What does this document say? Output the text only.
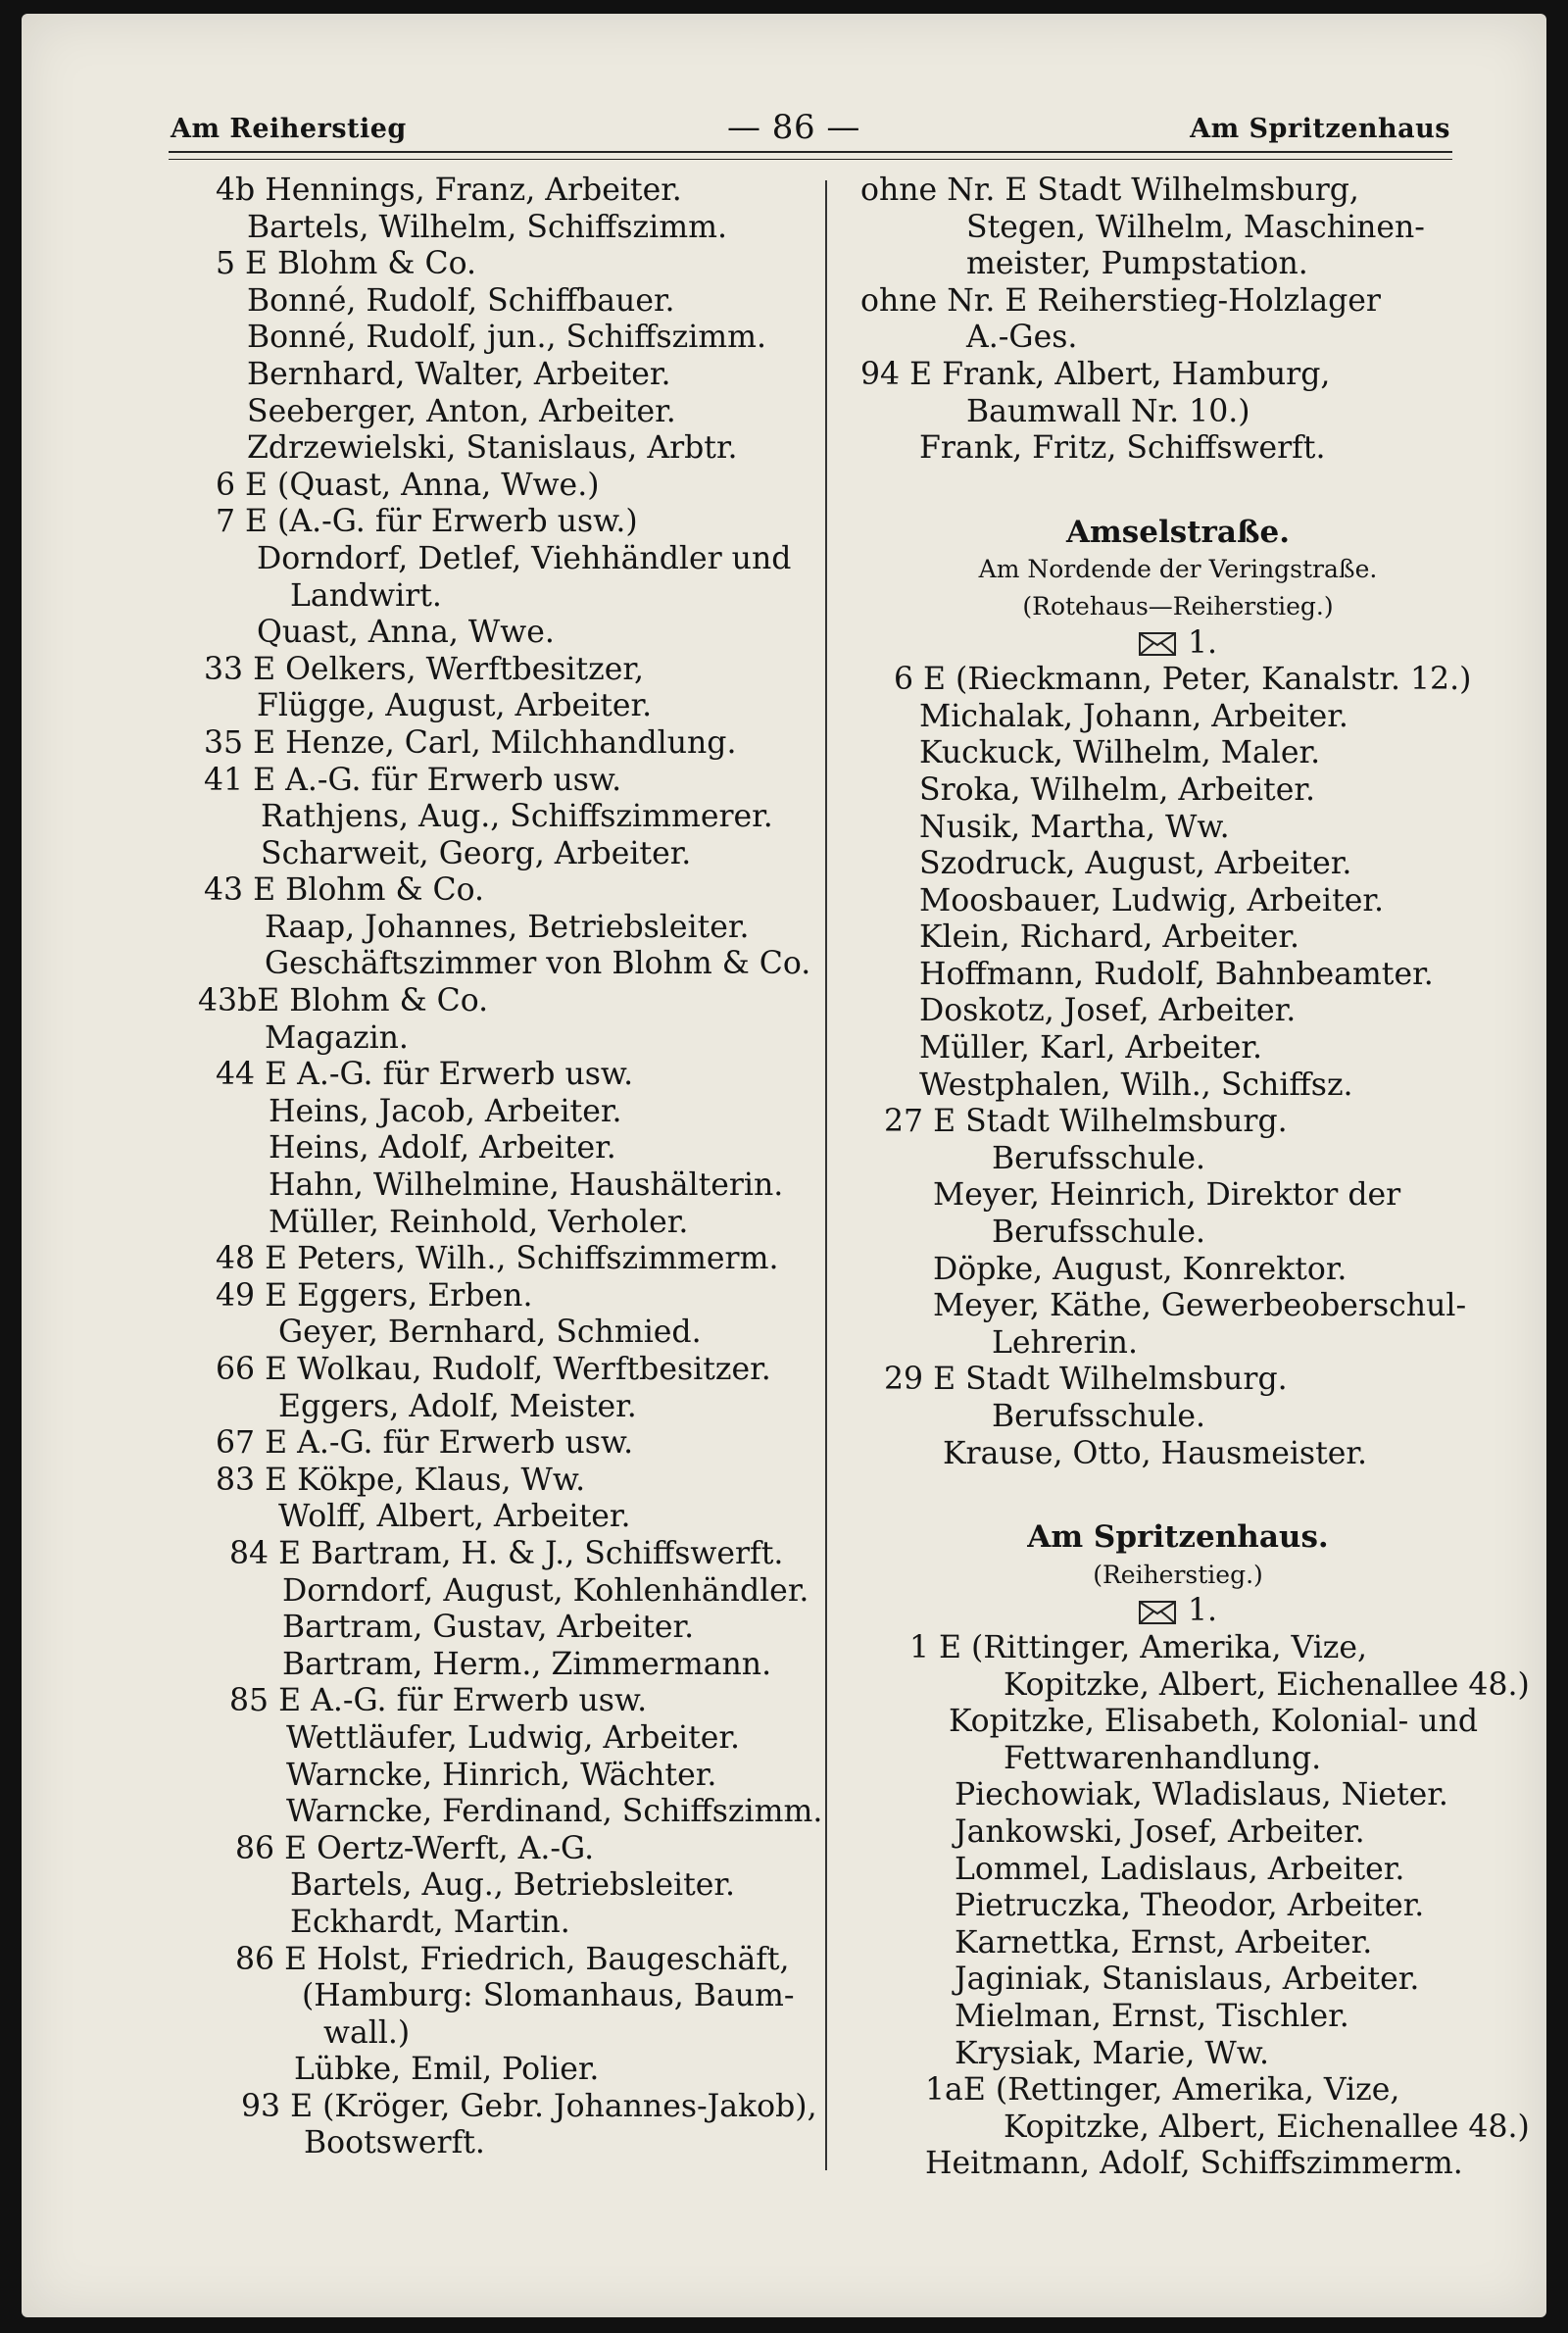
Am Reiherstieg	— 86 —	Am Spritzenhaus
4b Hennings, Franz, Arbeiter.
Bartels, Wilhelm, Schiffszimm.
5 E Blohm & Co.
Bonné, Rudolf, Schiffbauer.
Bonné, Rudolf, jun., Schiffszimm.
Bernhard, Walter, Arbeiter.
Seeberger, Anton, Arbeiter.
Zdrzewielski, Stanislaus, Arbtr.
6 E (Quast, Anna, Wwe.)
7 E (A.-G. für Erwerb usw.)
Dorndorf, Detlef, Viehhändler und
Landwirt.
Quast, Anna, Wwe.
33 E Oelkers, Werftbesitzer,
Flügge, August, Arbeiter.
35 E Henze, Carl, Milchhandlung.
41 E A.-G. für Erwerb usw.
Rathjens, Aug., Schiffszimmerer.
Scharweit, Georg, Arbeiter.
43 E Blohm & Co.
Raap, Johannes, Betriebsleiter.
Geschäftszimmer von Blohm & Co.
43bE Blohm & Co.
Magazin.
44 E A.-G. für Erwerb usw.
Heins, Jacob, Arbeiter.
Heins, Adolf, Arbeiter.
Hahn, Wilhelmine, Haushälterin.
Müller, Reinhold, Verholer.
48 E Peters, Wilh., Schiffszimmerm.
49 E Eggers, Erben.
Geyer, Bernhard, Schmied.
66 E Wolkau, Rudolf, Werftbesitzer.
Eggers, Adolf, Meister.
67 E A.-G. für Erwerb usw.
83 E Kökpe, Klaus, Ww.
Wolff, Albert, Arbeiter.
84 E Bartram, H. & J., Schiffswerft.
Dorndorf, August, Kohlenhändler.
Bartram, Gustav, Arbeiter.
Bartram, Herm., Zimmermann.
85 E A.-G. für Erwerb usw.
Wettläufer, Ludwig, Arbeiter.
Warncke, Hinrich, Wächter.
Warncke, Ferdinand, Schiffszimm.
86 E Oertz-Werft, A.-G.
Bartels, Aug., Betriebsleiter.
Eckhardt, Martin.
86 E Holst, Friedrich, Baugeschäft,
(Hamburg: Slomanhaus, Baum-
wall.)
Lübke, Emil, Polier.
93 E (Kröger, Gebr. Johannes-Jakob),
Bootswerft.
ohne Nr. E Stadt Wilhelmsburg,
Stegen, Wilhelm, Maschinen-
meister, Pumpstation.
ohne Nr. E Reiherstieg-Holzlager
A.-Ges.
94 E Frank, Albert, Hamburg,
Baumwall Nr. 10.)
Frank, Fritz, Schiffswerft.
Amselstraße.
Am Nordende der Veringstraße.
(Rotehaus—Reiherstieg.)
1.
6 E (Rieckmann, Peter, Kanalstr. 12.)
Michalak, Johann, Arbeiter.
Kuckuck, Wilhelm, Maler.
Sroka, Wilhelm, Arbeiter.
Nusik, Martha, Ww.
Szodruck, August, Arbeiter.
Moosbauer, Ludwig, Arbeiter.
Klein, Richard, Arbeiter.
Hoffmann, Rudolf, Bahnbeamter.
Doskotz, Josef, Arbeiter.
Müller, Karl, Arbeiter.
Westphalen, Wilh., Schiffsz.
27 E Stadt Wilhelmsburg.
Berufsschule.
Meyer, Heinrich, Direktor der
Berufsschule.
Döpke, August, Konrektor.
Meyer, Käthe, Gewerbeoberschul-
Lehrerin.
29 E Stadt Wilhelmsburg.
Berufsschule.
Krause, Otto, Hausmeister.
Am Spritzenhaus.
(Reiherstieg.)
1.
1 E (Rittinger, Amerika, Vize,
Kopitzke, Albert, Eichenallee 48.)
Kopitzke, Elisabeth, Kolonial- und
Fettwarenhandlung.
Piechowiak, Wladislaus, Nieter.
Jankowski, Josef, Arbeiter.
Lommel, Ladislaus, Arbeiter.
Pietruczka, Theodor, Arbeiter.
Karnettka, Ernst, Arbeiter.
Jaginiak, Stanislaus, Arbeiter.
Mielman, Ernst, Tischler.
Krysiak, Marie, Ww.
1aE (Rettinger, Amerika, Vize,
Kopitzke, Albert, Eichenallee 48.)
Heitmann, Adolf, Schiffszimmerm.
